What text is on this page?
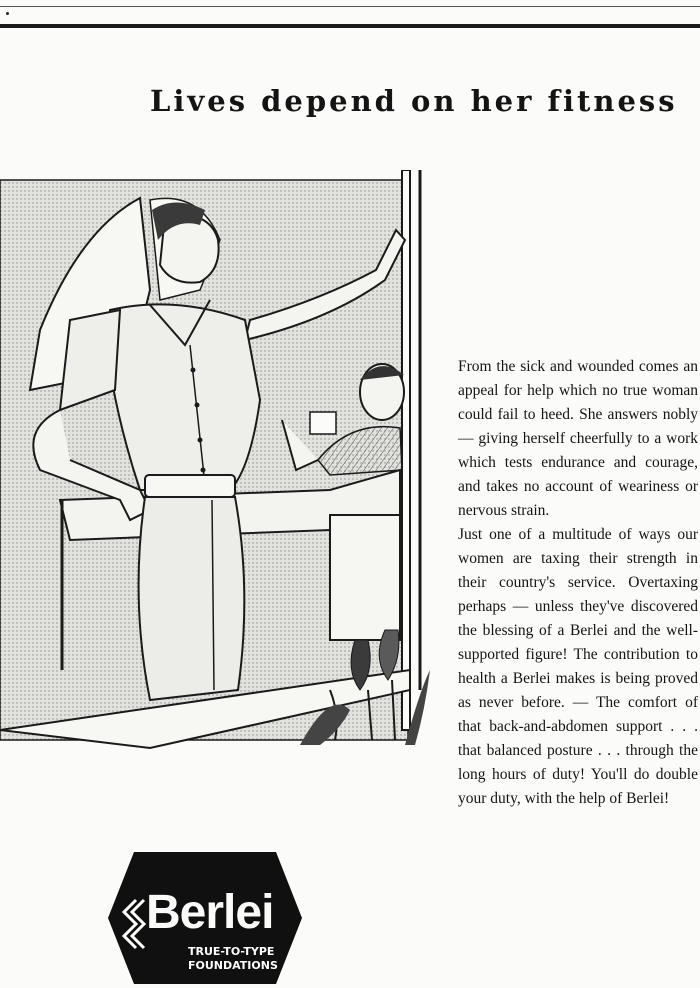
Lives depend on her fitness

From the sick and wounded comes an appeal for help which no true woman could fail to heed. She answers nobly — giving herself cheerfully to a work which tests endurance and courage, and takes no account of weariness or nervous strain.

Just one of a multitude of ways our women are taxing their strength in their country's service. Overtaxing perhaps — unless they've discovered the blessing of a Berlei and the well-supported figure! The contribution to health a Berlei makes is being proved as never before. — The comfort of that back-and-abdomen support . . . that balanced posture . . . through the long hours of duty! You'll do double your duty, with the help of Berlei!

Berlei
TRUE-TO-TYPE
FOUNDATIONS
